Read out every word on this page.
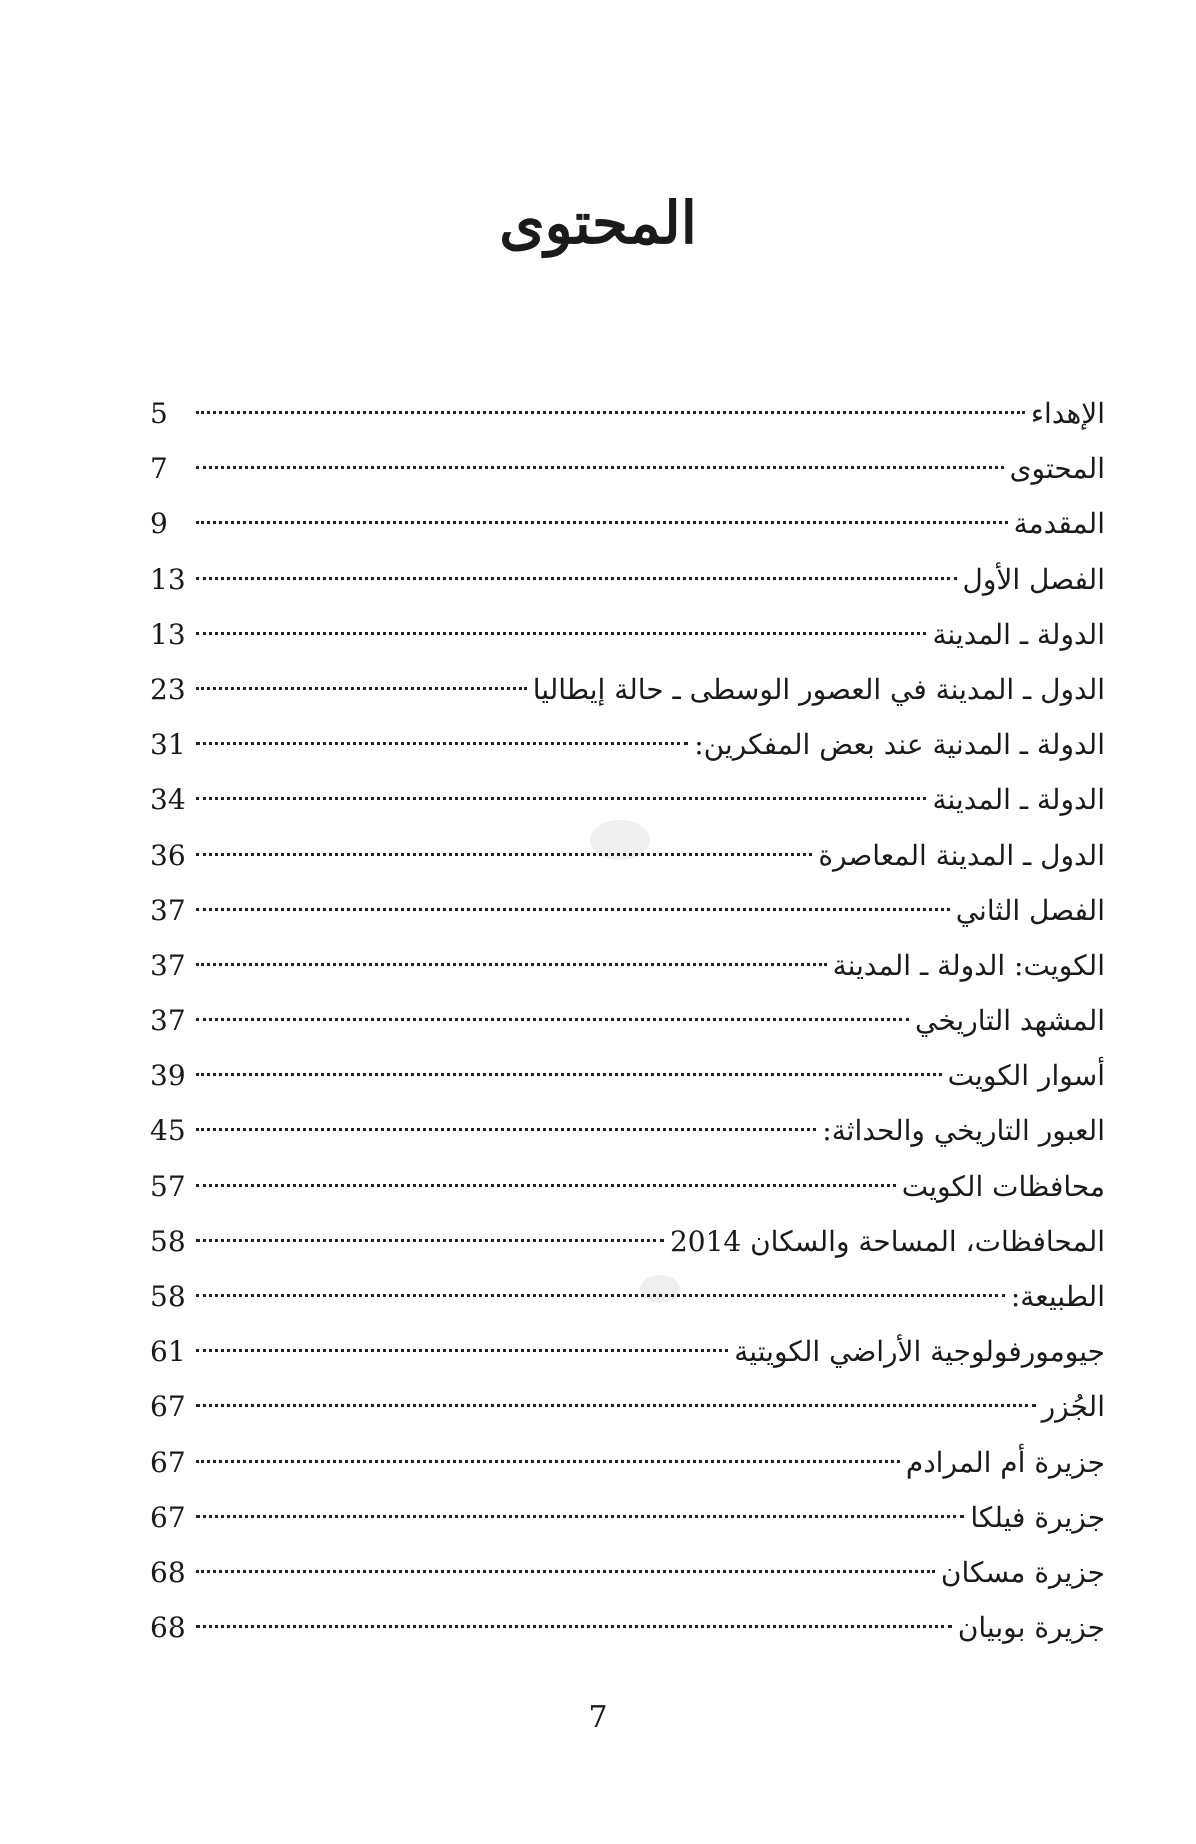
المحتوى
الإهداء
5
المحتوى
7
المقدمة
9
الفصل الأول
13
الدولة ـ المدينة
13
الدول ـ المدينة في العصور الوسطى ـ حالة إيطاليا
23
الدولة ـ المدنية عند بعض المفكرين:
31
الدولة ـ المدينة
34
الدول ـ المدينة المعاصرة
36
الفصل الثاني
37
الكويت: الدولة ـ المدينة
37
المشهد التاريخي
37
أسوار الكويت
39
العبور التاريخي والحداثة:
45
محافظات الكويت
57
المحافظات، المساحة والسكان 2014
58
الطبيعة:
58
جيومورفولوجية الأراضي الكويتية
61
الجُزر
67
جزيرة أم المرادم
67
جزيرة فيلكا
67
جزيرة مسكان
68
جزيرة بوبيان
68
7
